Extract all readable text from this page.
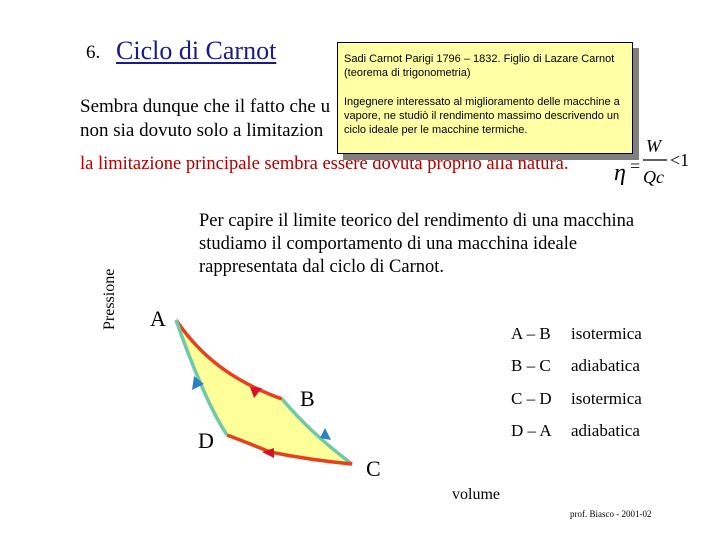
6. Ciclo di Carnot
Sembra dunque che il fatto che u
non sia dovuto solo a limitazion
la limitazione principale sembra essere dovuta proprio alla natura.

Sadi Carnot Parigi 1796 – 1832. Figlio di Lazare Carnot (teorema di trigonometria)

Ingegnere interessato al miglioramento delle macchine a vapore, ne studiò il rendimento massimo descrivendo un ciclo ideale per le macchine termiche.

η =
W
Qc
<1
Per capire il limite teorico del rendimento di una macchina studiamo il comportamento di una macchina ideale rappresentata dal ciclo di Carnot.
Pressione A
B
C
D
A – B isotermica
B – C adiabatica
C – D isotermica
D – A adiabatica
volume
prof. Biasco - 2001-02
